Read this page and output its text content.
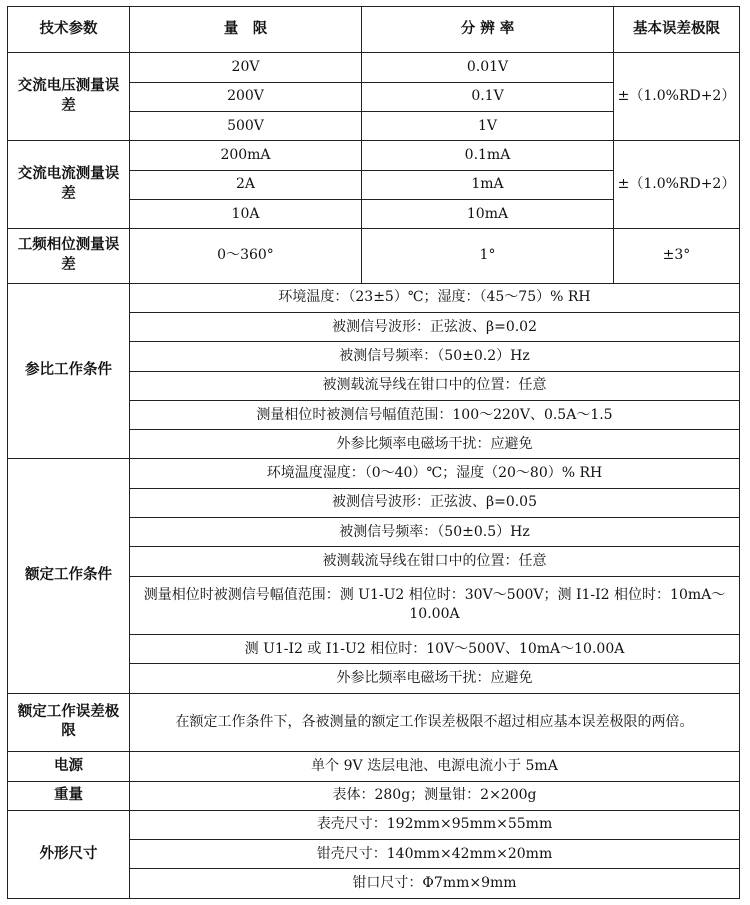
技术参数	量　限	分 辨 率	基本误差极限
交流电压测量误差	20V	0.01V	±（1.0%RD+2）
	200V	0.1V	
	500V	1V	
交流电流测量误差	200mA	0.1mA	±（1.0%RD+2）
	2A	1mA	
	10A	10mA	
工频相位测量误差	0～360°	1°	±3°
参比工作条件	环境温度：（23±5）℃；湿度：（45～75）% RH		
	被测信号波形：正弦波、β=0.02		
	被测信号频率：（50±0.2）Hz		
	被测载流导线在钳口中的位置：任意		
	测量相位时被测信号幅值范围：100～220V、0.5A～1.5		
	外参比频率电磁场干扰：应避免		
额定工作条件	环境温度湿度：（0～40）℃；湿度（20～80）% RH		
	被测信号波形：正弦波、β=0.05		
	被测信号频率：（50±0.5）Hz		
	被测载流导线在钳口中的位置：任意		
	测量相位时被测信号幅值范围：测 U1-U2 相位时：30V～500V；测 I1-I2 相位时：10mA～10.00A		
	测 U1-I2 或 I1-U2 相位时：10V～500V、10mA～10.00A		
	外参比频率电磁场干扰：应避免		
额定工作误差极限	在额定工作条件下，各被测量的额定工作误差极限不超过相应基本误差极限的两倍。		
电源	单个 9V 迭层电池、电源电流小于 5mA		
重量	表体：280g；测量钳：2×200g		
外形尺寸	表壳尺寸：192mm×95mm×55mm		
	钳壳尺寸：140mm×42mm×20mm		
	钳口尺寸：Φ7mm×9mm		
